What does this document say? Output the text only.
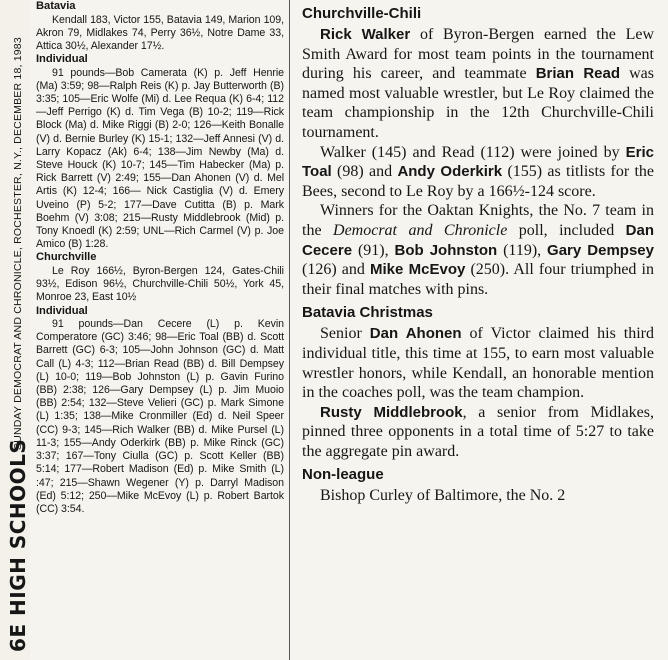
6E HIGH SCHOOLS
SUNDAY DEMOCRAT AND CHRONICLE, ROCHESTER, N.Y., DECEMBER 18, 1983
Batavia

Kendall 183, Victor 155, Batavia 149, Marion 109, Akron 79, Midlakes 74, Perry 36½, Notre Dame 33, Attica 30½, Alexander 17½.

Individual

91 pounds—Bob Camerata (K) p. Jeff Henrie (Ma) 3:59; 98—Ralph Reis (K) p. Jay Butterworth (B) 3:35; 105—Eric Wolfe (Mi) d. Lee Requa (K) 6-4; 112—Jeff Perrigo (K) d. Tim Vega (B) 10-2; 119—Rick Block (Ma) d. Mike Riggi (B) 2-0; 126—Keith Bonalle (V) d. Bernie Burley (K) 15-1; 132—Jeff Annesi (V) d. Larry Kopacz (Ak) 6-4; 138—Jim Newby (Ma) d. Steve Houck (K) 10-7; 145—Tim Habecker (Ma) p. Rick Barrett (V) 2:49; 155—Dan Ahonen (V) d. Mel Artis (K) 12-4; 166— Nick Castiglia (V) d. Emery Uveino (P) 5-2; 177—Dave Cutitta (B) p. Mark Boehm (V) 3:08; 215—Rusty Middlebrook (Mid) p. Tony Knoedl (K) 2:59; UNL—Rich Carmel (V) p. Joe Amico (B) 1:28.

Churchville

Le Roy 166½, Byron-Bergen 124, Gates-Chili 93½, Edison 96½, Churchville-Chili 50½, York 45, Monroe 23, East 10½

Individual

91 pounds—Dan Cecere (L) p. Kevin Comperatore (GC) 3:46; 98—Eric Toal (BB) d. Scott Barrett (GC) 6-3; 105—John Johnson (GC) d. Matt Call (L) 4-3; 112—Brian Read (BB) d. Bill Dempsey (L) 10-0; 119—Bob Johnston (L) p. Gavin Furino (BB) 2:38; 126—Gary Dempsey (L) p. Jim Muoio (BB) 2:54; 132—Steve Velieri (GC) p. Mark Simone (L) 1:35; 138—Mike Cronmiller (Ed) d. Neil Speer (CC) 9-3; 145—Rich Walker (BB) d. Mike Pursel (L) 11-3; 155—Andy Oderkirk (BB) p. Mike Rinck (GC) 3:37; 167—Tony Ciulla (GC) p. Scott Keller (BB) 5:14; 177—Robert Madison (Ed) p. Mike Smith (L) :47; 215—Shawn Wegener (Y) p. Darryl Madison (Ed) 5:12; 250—Mike McEvoy (L) p. Robert Bartok (CC) 3:54.

Churchville-Chili

Rick Walker of Byron-Bergen earned the Lew Smith Award for most team points in the tournament during his career, and teammate Brian Read was named most valuable wrestler, but Le Roy claimed the team championship in the 12th Churchville-Chili tournament.

Walker (145) and Read (112) were joined by Eric Toal (98) and Andy Oderkirk (155) as titlists for the Bees, second to Le Roy by a 166½-124 score.

Winners for the Oaktan Knights, the No. 7 team in the Democrat and Chronicle poll, included Dan Cecere (91), Bob Johnston (119), Gary Dempsey (126) and Mike McEvoy (250). All four triumphed in their final matches with pins.

Batavia Christmas

Senior Dan Ahonen of Victor claimed his third individual title, this time at 155, to earn most valuable wrestler honors, while Kendall, an honorable mention in the coaches poll, was the team champion.

Rusty Middlebrook, a senior from Midlakes, pinned three opponents in a total time of 5:27 to take the aggregate pin award.

Non-league

Bishop Curley of Baltimore, the No. 2
